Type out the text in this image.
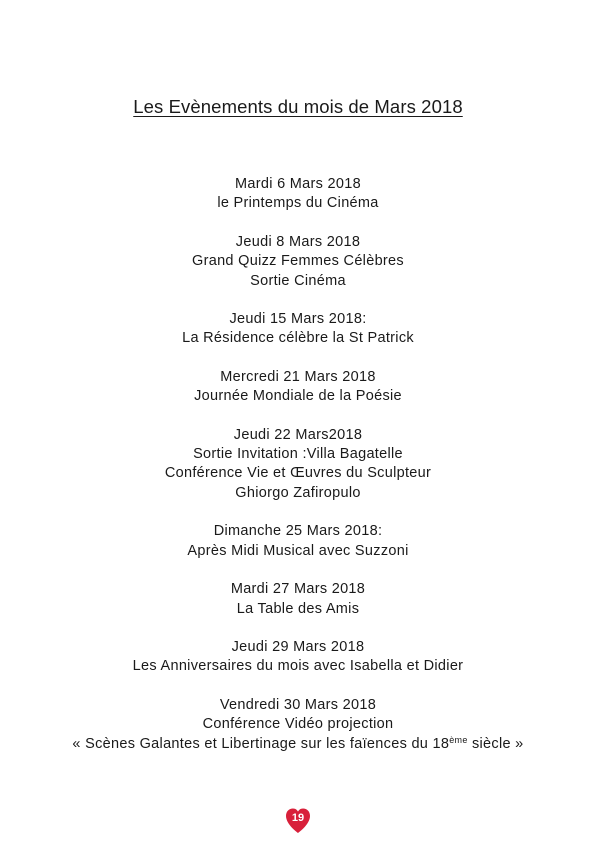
Les Evènements du mois de Mars 2018
Mardi 6 Mars 2018
le Printemps du Cinéma
Jeudi 8 Mars 2018
Grand Quizz Femmes Célèbres
Sortie Cinéma
Jeudi 15 Mars 2018:
La Résidence célèbre la St Patrick
Mercredi 21 Mars 2018
Journée Mondiale de la Poésie
Jeudi 22 Mars2018
Sortie Invitation :Villa Bagatelle
Conférence Vie et Œuvres du Sculpteur
Ghiorgo Zafiropulo
Dimanche 25 Mars 2018:
Après Midi Musical avec Suzzoni
Mardi 27 Mars 2018
La Table des Amis
Jeudi 29 Mars 2018
Les Anniversaires du mois avec Isabella et Didier
Vendredi 30 Mars 2018
Conférence Vidéo projection
« Scènes Galantes et Libertinage sur les faïences du 18ème siècle »
19
